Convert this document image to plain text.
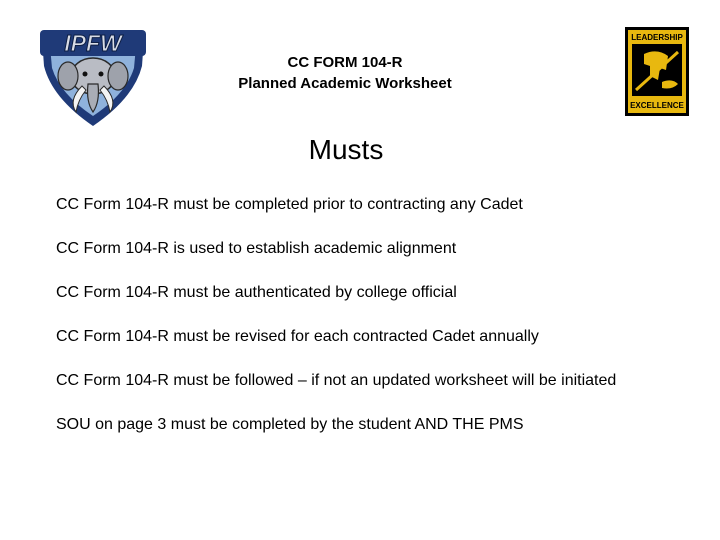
IPFW
CC FORM 104-R
Planned Academic Worksheet
LEADERSHIP
EXCELLENCE
Musts
CC Form 104-R must be completed prior to contracting any Cadet
CC Form 104-R is used to establish academic alignment
CC Form 104-R must be authenticated by college official
CC Form 104-R must be revised for each contracted Cadet annually
CC Form 104-R must be followed – if not an updated worksheet will be initiated
SOU on page 3 must be completed by the student AND THE PMS
